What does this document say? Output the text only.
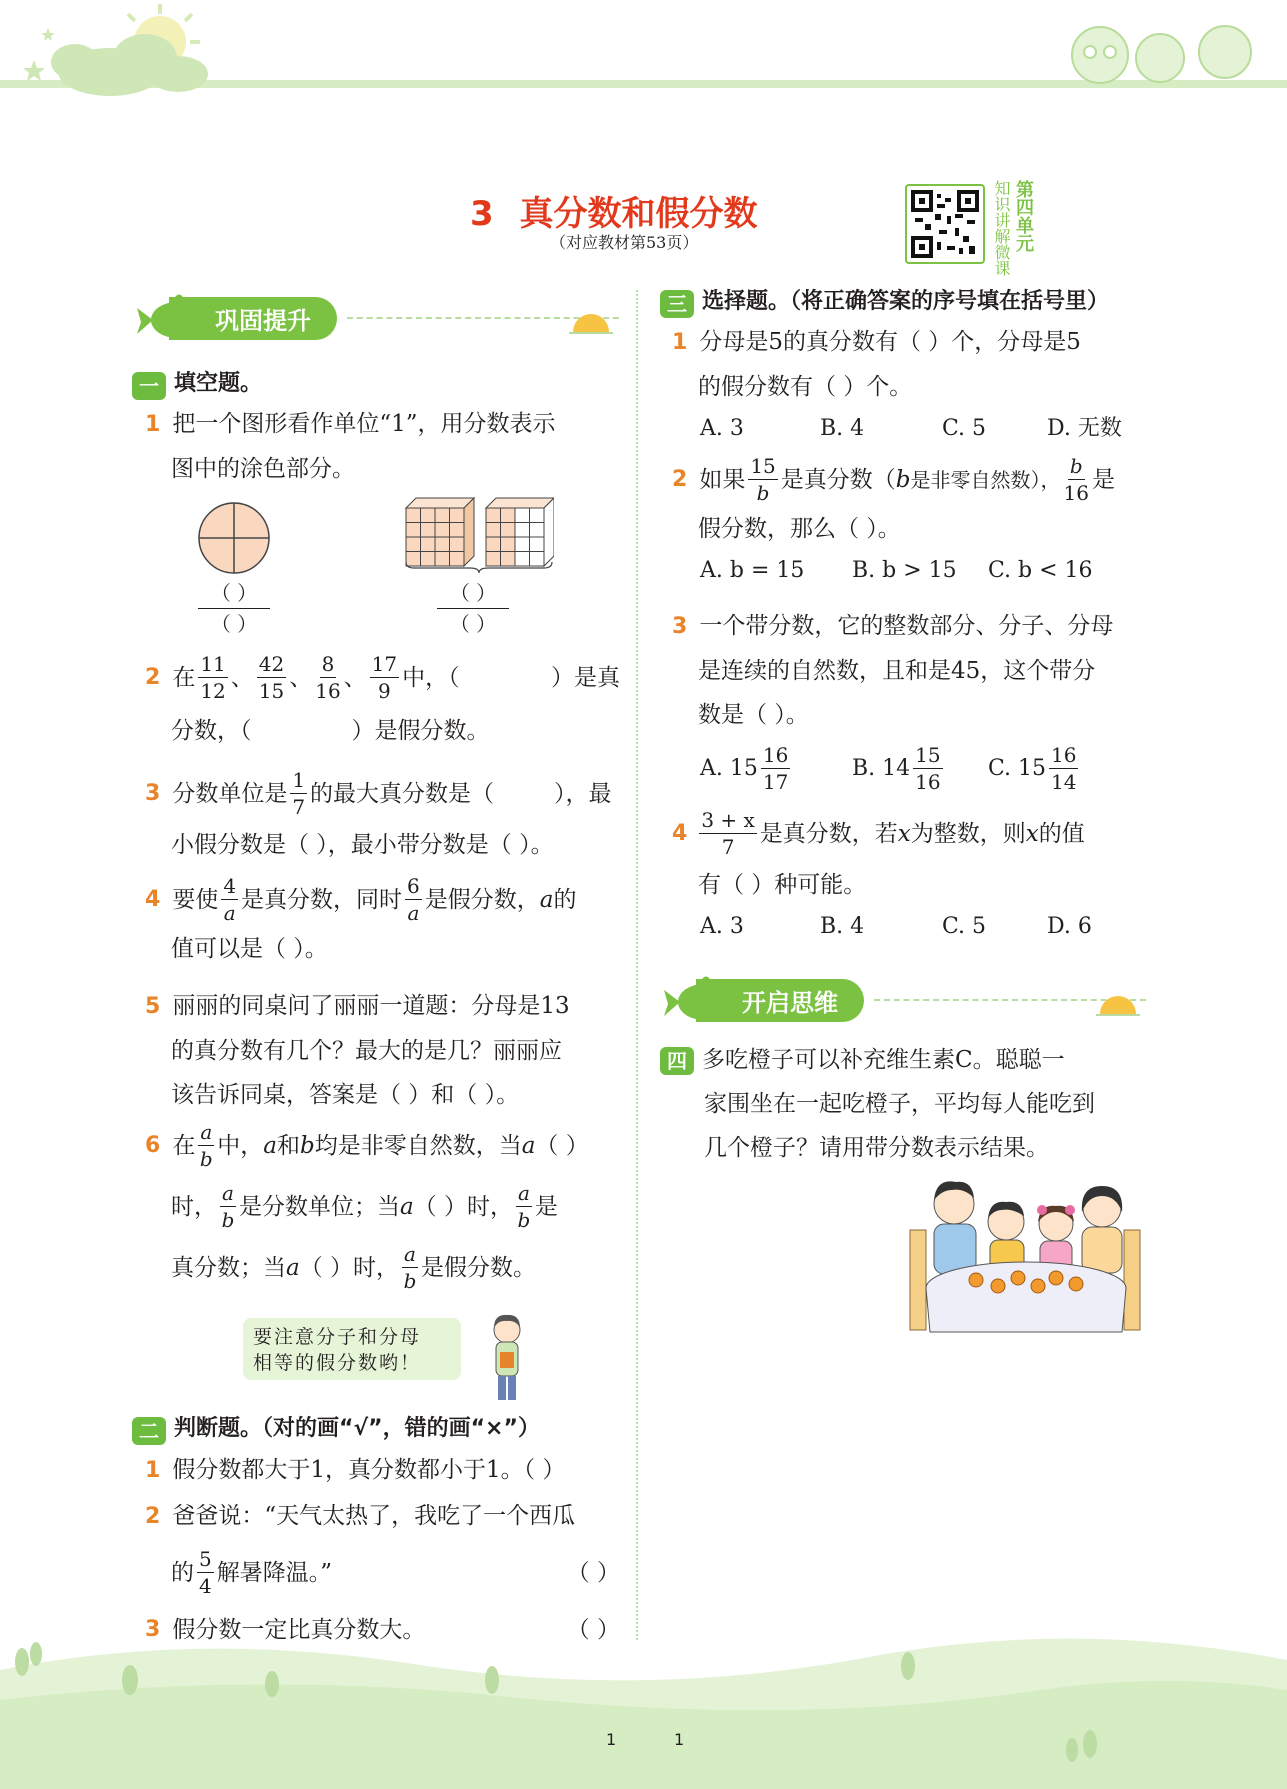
3 真分数和假分数
（对应教材第53页）	知识讲解微课 第四单元
巩固提升
一 填空题。
1 把一个图形看作单位“1”，用分数表示
图中的涂色部分。
（ ）
（ ）
（ ）
（ ）
2 在 $\frac{11}{12}$ 、 $\frac{42}{15}$ 、 $\frac{8}{16}$ 、 $\frac{17}{9}$ 中，（	）是真
分数，（	）是假分数。
3 分数单位是 $\frac{1}{7}$ 的最大真分数是（	），最
小假分数是（ ），最小带分数是（ ）。
4 要使 $\frac{4}{a}$ 是真分数，同时 $\frac{6}{a}$ 是假分数， a 的
值可以是（ ）。
5 丽丽的同桌问了丽丽一道题：分母是13
的真分数有几个？最大的是几？丽丽应
该告诉同桌，答案是（ ）和（ ）。
6 在 $\frac{a}{b}$ 中， a 和 b 均是非零自然数，当 a （ ）
时， $\frac{a}{b}$ 是分数单位；当 a （ ）时， $\frac{a}{b}$ 是
真分数；当 a （ ）时， $\frac{a}{b}$ 是假分数。
要注意分子和分母
相等的假分数哟！
二 判断题。（对的画“√”，错的画“×”）
1 假分数都大于1，真分数都小于1。（ ）
2 爸爸说：“天气太热了，我吃了一个西瓜
的 $\frac{5}{4}$ 解暑降温。”	（ ）
3 假分数一定比真分数大。	（ ）
三 选择题。（将正确答案的序号填在括号里）
1 分母是5的真分数有（ ）个，分母是5
的假分数有（ ）个。
A. 3	B. 4	C. 5	D. 无数
2 如果 $\frac{15}{b}$ 是真分数（ b 是非零自然数）， $\frac{b}{16}$ 是
假分数，那么（ ）。
A. b = 15	B. b > 15	C. b < 16
3 一个带分数，它的整数部分、分子、分母
是连续的自然数，且和是45，这个带分
数是（ ）。
A. $15 \frac{16}{17}$	B. $14 \frac{15}{16} C$. $15 \frac{16}{14}$
$4 \frac{3 + x}{7}$ 是真分数，若 x 为整数，则 x 的值
有（ ）种可能。
A. 3	B. 4	C. 5	D. 6
开启思维
四 多吃橙子可以补充维生素C。聪聪一
家围坐在一起吃橙子，平均每人能吃到
几个橙子？请用带分数表示结果。
1	1
